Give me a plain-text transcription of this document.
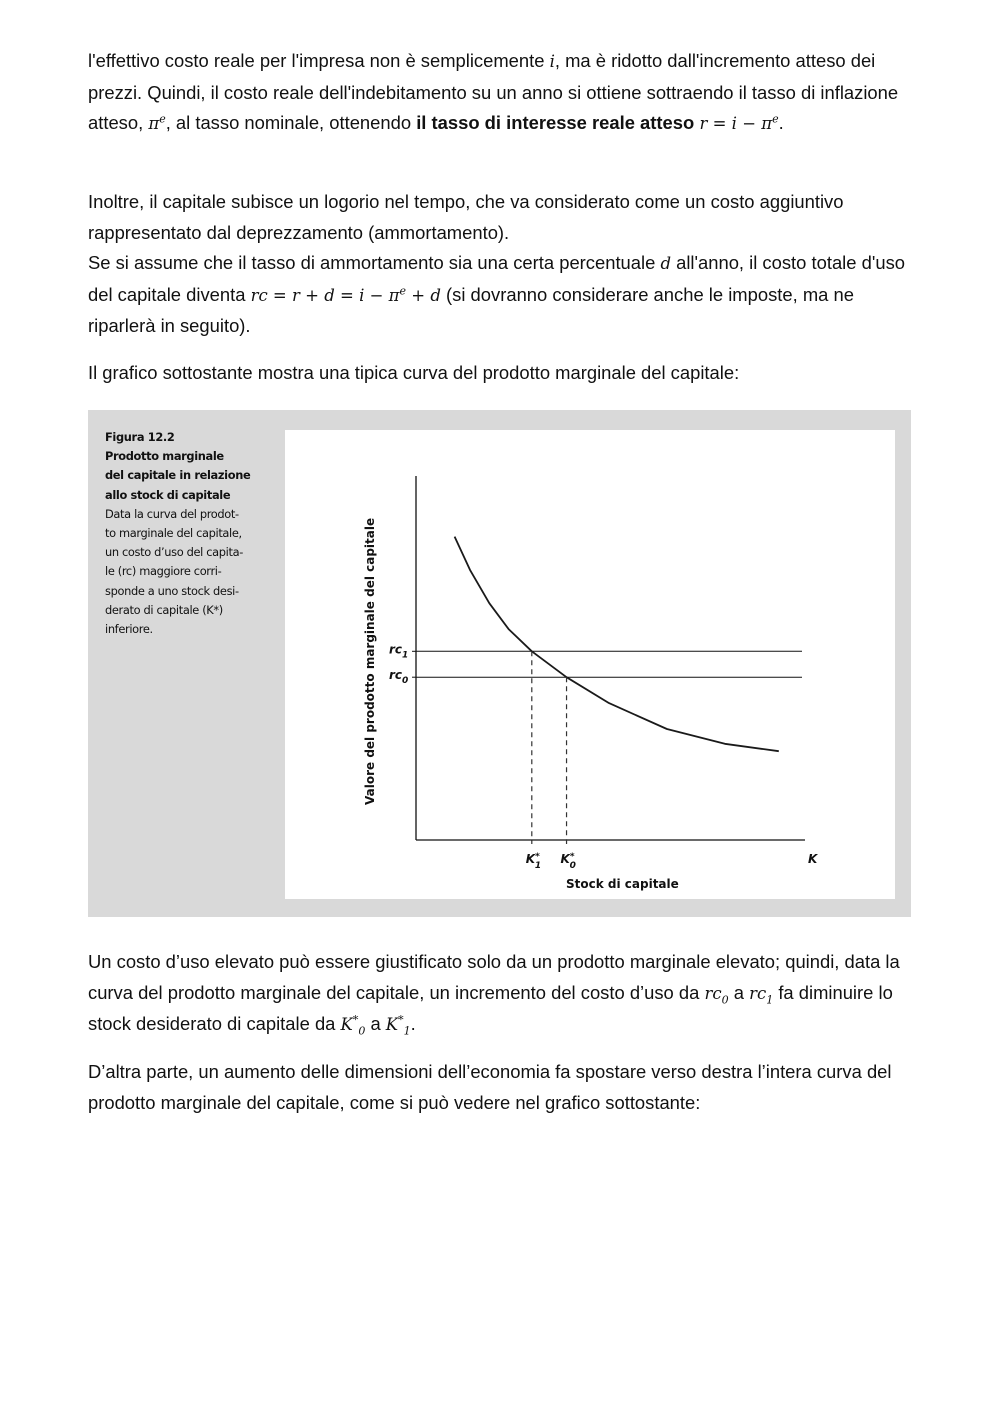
l'effettivo costo reale per l'impresa non è semplicemente i, ma è ridotto dall'incremento atteso dei prezzi. Quindi, il costo reale dell'indebitamento su un anno si ottiene sottraendo il tasso di inflazione atteso, $\pi^e$, al tasso nominale, ottenendo il tasso di interesse reale atteso $r = i - \pi^e$.

Inoltre, il capitale subisce un logorio nel tempo, che va considerato come un costo aggiuntivo rappresentato dal deprezzamento (ammortamento).

Se si assume che il tasso di ammortamento sia una certa percentuale d all'anno, il costo totale d'uso del capitale diventa rc = $r + d = i - \pi^e + d$ (si dovranno considerare anche le imposte, ma ne riparlerà in seguito).

Il grafico sottostante mostra una tipica curva del prodotto marginale del capitale:

Un costo d’uso elevato può essere giustificato solo da un prodotto marginale elevato; quindi, data la curva del prodotto marginale del capitale, un incremento del costo d’uso da $rc_0$ a $rc_1$ fa diminuire lo stock desiderato di capitale da $K^*_0$ a $K^*_1$.

D’altra parte, un aumento delle dimensioni dell’economia fa spostare verso destra l’intera curva del prodotto marginale del capitale, come si può vedere nel grafico sottostante:

Figura 12.2
Prodotto marginale
del capitale in relazione
allo stock di capitale
Data la curva del prodot-
to marginale del capitale,
un costo d’uso del capita-
le (rc) maggiore corri-
sponde a uno stock desi-
derato di capitale (K*)
inferiore.
$rc_1$
$rc_0$
K* 1 K* 0	K
Stock di capitale
Valore del prodotto marginale del capitale
